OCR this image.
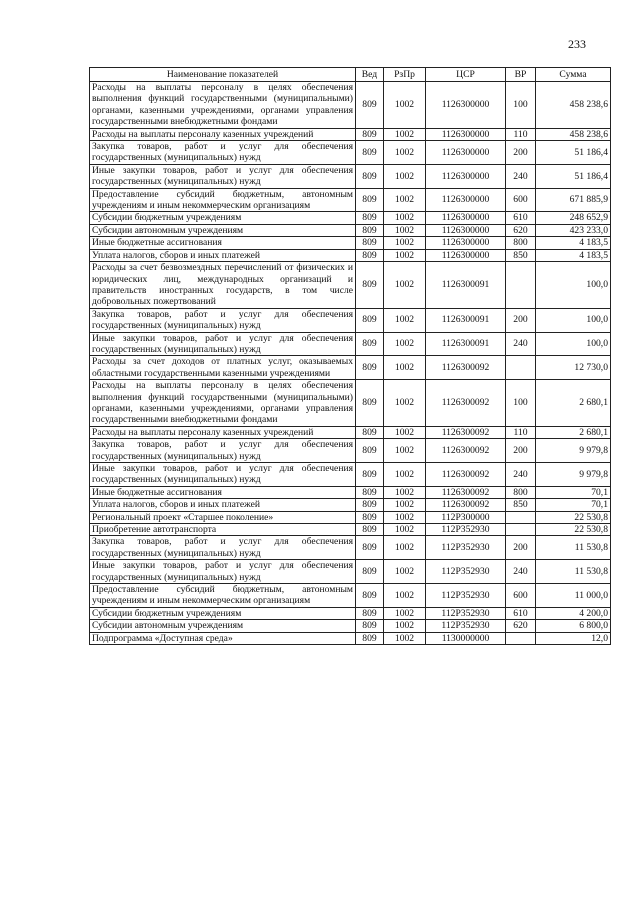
233
Наименование показателей	Вед	РзПр	ЦСР	ВР	Сумма
Расходы на выплаты персоналу в целях обеспечения выполнения функций государственными (муниципальными) органами, казенными учреждениями, органами управления государственными внебюджетными фондами	809	1002	1126300000	100	458 238,6
Расходы на выплаты персоналу казенных учреждений	809	1002	1126300000	110	458 238,6
Закупка товаров, работ и услуг для обеспечения государственных (муниципальных) нужд	809	1002	1126300000	200	51 186,4
Иные закупки товаров, работ и услуг для обеспечения государственных (муниципальных) нужд	809	1002	1126300000	240	51 186,4
Предоставление субсидий бюджетным, автономным учреждениям и иным некоммерческим организациям	809	1002	1126300000	600	671 885,9
Субсидии бюджетным учреждениям	809	1002	1126300000	610	248 652,9
Субсидии автономным учреждениям	809	1002	1126300000	620	423 233,0
Иные бюджетные ассигнования	809	1002	1126300000	800	4 183,5
Уплата налогов, сборов и иных платежей	809	1002	1126300000	850	4 183,5
Расходы за счет безвозмездных перечислений от физических и юридических лиц, международных организаций и правительств иностранных государств, в том числе добровольных пожертвований	809	1002	1126300091		100,0
Закупка товаров, работ и услуг для обеспечения государственных (муниципальных) нужд	809	1002	1126300091	200	100,0
Иные закупки товаров, работ и услуг для обеспечения государственных (муниципальных) нужд	809	1002	1126300091	240	100,0
Расходы за счет доходов от платных услуг, оказываемых областными государственными казенными учреждениями	809	1002	1126300092		12 730,0
Расходы на выплаты персоналу в целях обеспечения выполнения функций государственными (муниципальными) органами, казенными учреждениями, органами управления государственными внебюджетными фондами	809	1002	1126300092	100	2 680,1
Расходы на выплаты персоналу казенных учреждений	809	1002	1126300092	110	2 680,1
Закупка товаров, работ и услуг для обеспечения государственных (муниципальных) нужд	809	1002	1126300092	200	9 979,8
Иные закупки товаров, работ и услуг для обеспечения государственных (муниципальных) нужд	809	1002	1126300092	240	9 979,8
Иные бюджетные ассигнования	809	1002	1126300092	800	70,1
Уплата налогов, сборов и иных платежей	809	1002	1126300092	850	70,1
Региональный проект «Старшее поколение»	809	1002	112Р300000		22 530,8
Приобретение автотранспорта	809	1002	112Р352930		22 530,8
Закупка товаров, работ и услуг для обеспечения государственных (муниципальных) нужд	809	1002	112Р352930	200	11 530,8
Иные закупки товаров, работ и услуг для обеспечения государственных (муниципальных) нужд	809	1002	112Р352930	240	11 530,8
Предоставление субсидий бюджетным, автономным учреждениям и иным некоммерческим организациям	809	1002	112Р352930	600	11 000,0
Субсидии бюджетным учреждениям	809	1002	112Р352930	610	4 200,0
Субсидии автономным учреждениям	809	1002	112Р352930	620	6 800,0
Подпрограмма «Доступная среда»	809	1002	1130000000		12,0
